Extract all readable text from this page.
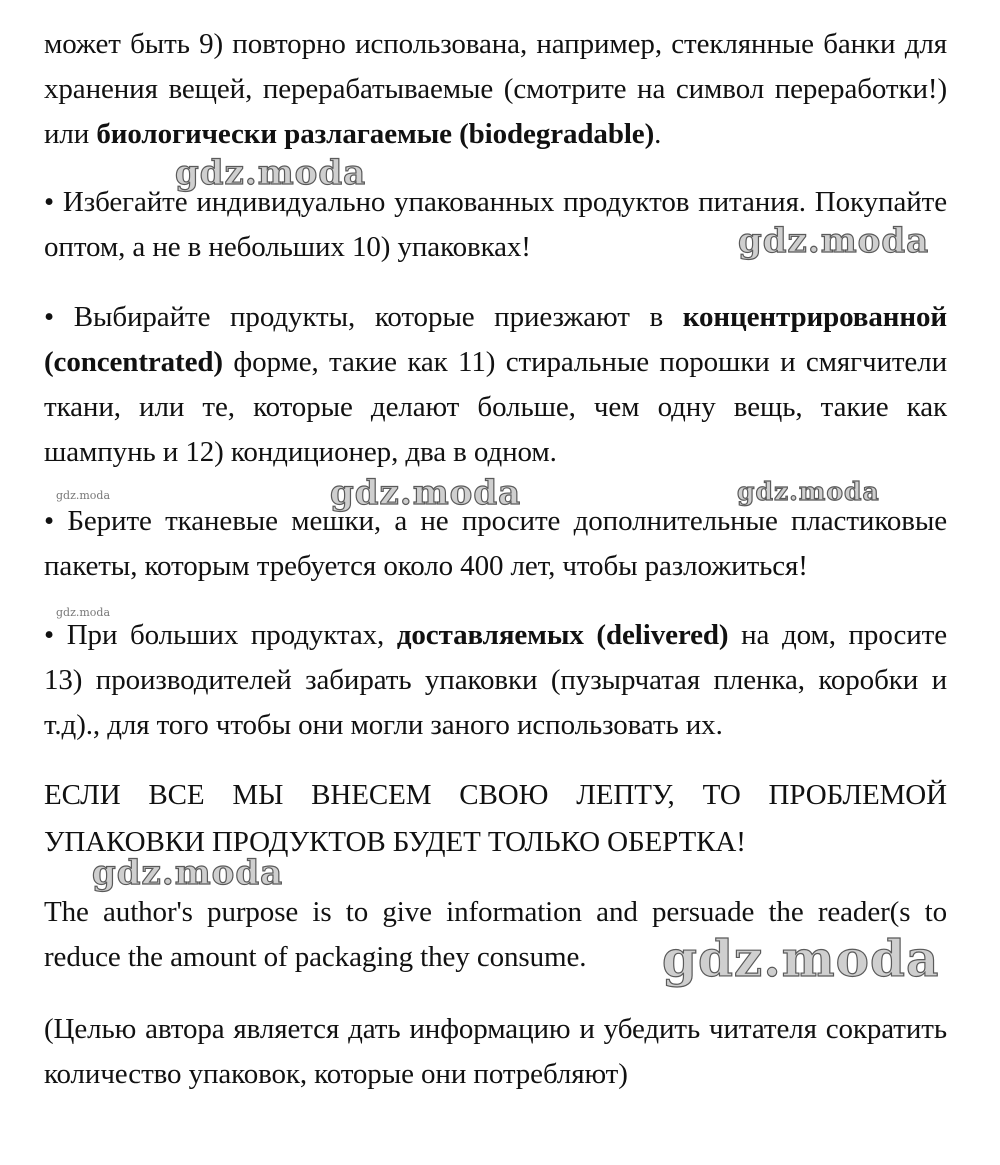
может быть 9) повторно использована, например, стеклянные банки для хранения вещей, перерабатываемые (смотрите на символ переработки!) или биологически разлагаемые (biodegradable).

• Избегайте индивидуально упакованных продуктов питания. Покупайте оптом, а не в небольших 10) упаковках!

• Выбирайте продукты, которые приезжают в концентрированной (concentrated) форме, такие как 11) стиральные порошки и смягчители ткани, или те, которые делают больше, чем одну вещь, такие как шампунь и 12) кондиционер, два в одном.

• Берите тканевые мешки, а не просите дополнительные пластиковые пакеты, которым требуется около 400 лет, чтобы разложиться!

• При больших продуктах, доставляемых (delivered) на дом, просите 13) производителей забирать упаковки (пузырчатая пленка, коробки и т.д)., для того чтобы они могли заного использовать их.

ЕСЛИ ВСЕ МЫ ВНЕСЕМ СВОЮ ЛЕПТУ, ТО ПРОБЛЕМОЙ УПАКОВКИ ПРОДУКТОВ БУДЕТ ТОЛЬКО ОБЕРТКА!

The author's purpose is to give information and persuade the reader(s to reduce the amount of packaging they consume.

(Целью автора является дать информацию и убедить читателя сократить количество упаковок, которые они потребляют)

gdz.moda
gdz.moda
gdz.moda	gdz.moda	gdz.moda
gdz.moda
gdz.moda
gdz.moda
